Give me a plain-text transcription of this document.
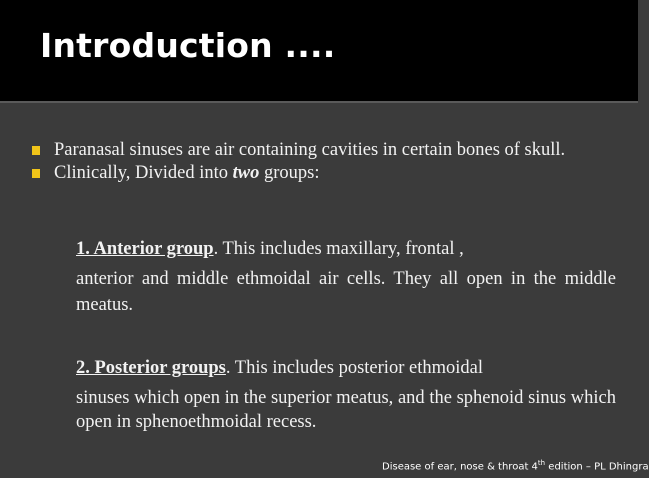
Introduction ....
Paranasal sinuses are air containing cavities in certain bones of skull.
Clinically, Divided into two groups:
1. Anterior group. This includes maxillary, frontal ,
anterior and middle ethmoidal air cells. They all open in the middle meatus.
2. Posterior groups. This includes posterior ethmoidal
sinuses which open in the superior meatus, and the sphenoid sinus which open in sphenoethmoidal recess.
Disease of ear, nose & throat 4th edition – PL Dhingra
